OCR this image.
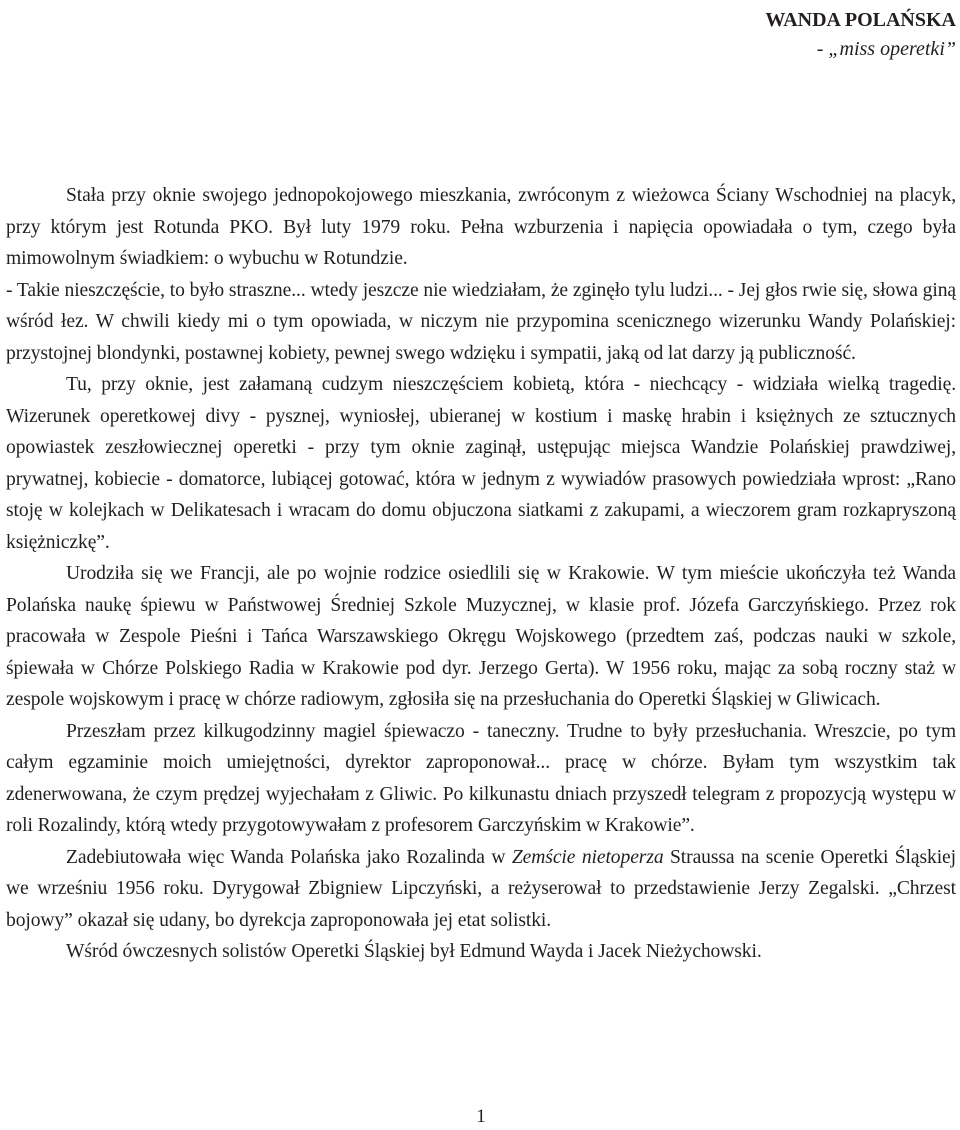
WANDA POLAŃSKA
- „miss operetki”

Stała przy oknie swojego jednopokojowego mieszkania, zwróconym z wieżowca Ściany Wschodniej na placyk, przy którym jest Rotunda PKO. Był luty 1979 roku. Pełna wzburzenia i napięcia opowiadała o tym, czego była mimowolnym świadkiem: o wybuchu w Rotundzie.

- Takie nieszczęście, to było straszne... wtedy jeszcze nie wiedziałam, że zginęło tylu ludzi... - Jej głos rwie się, słowa giną wśród łez. W chwili kiedy mi o tym opowiada, w niczym nie przypomina scenicznego wizerunku Wandy Polańskiej: przystojnej blondynki, postawnej kobiety, pewnej swego wdzięku i sympatii, jaką od lat darzy ją publiczność.

Tu, przy oknie, jest załamaną cudzym nieszczęściem kobietą, która - niechcący - widziała wielką tragedię. Wizerunek operetkowej divy - pysznej, wyniosłej, ubieranej w kostium i maskę hrabin i księżnych ze sztucznych opowiastek zeszłowiecznej operetki - przy tym oknie zaginął, ustępując miejsca Wandzie Polańskiej prawdziwej, prywatnej, kobiecie - domatorce, lubiącej gotować, która w jednym z wywiadów prasowych powiedziała wprost: „Rano stoję w kolejkach w Delikatesach i wracam do domu objuczona siatkami z zakupami, a wieczorem gram rozkapryszoną księżniczkę”.

Urodziła się we Francji, ale po wojnie rodzice osiedlili się w Krakowie. W tym mieście ukończyła też Wanda Polańska naukę śpiewu w Państwowej Średniej Szkole Muzycznej, w klasie prof. Józefa Garczyńskiego. Przez rok pracowała w Zespole Pieśni i Tańca Warszawskiego Okręgu Wojskowego (przedtem zaś, podczas nauki w szkole, śpiewała w Chórze Polskiego Radia w Krakowie pod dyr. Jerzego Gerta). W 1956 roku, mając za sobą roczny staż w zespole wojskowym i pracę w chórze radiowym, zgłosiła się na przesłuchania do Operetki Śląskiej w Gliwicach.

Przeszłam przez kilkugodzinny magiel śpiewaczo - taneczny. Trudne to były przesłuchania. Wreszcie, po tym całym egzaminie moich umiejętności, dyrektor zaproponował... pracę w chórze. Byłam tym wszystkim tak zdenerwowana, że czym prędzej wyjechałam z Gliwic. Po kilkunastu dniach przyszedł telegram z propozycją występu w roli Rozalindy, którą wtedy przygotowywałam z profesorem Garczyńskim w Krakowie”.

Zadebiutowała więc Wanda Polańska jako Rozalinda w Zemście nietoperza Straussa na scenie Operetki Śląskiej we wrześniu 1956 roku. Dyrygował Zbigniew Lipczyński, a reżyserował to przedstawienie Jerzy Zegalski. „Chrzest bojowy” okazał się udany, bo dyrekcja zaproponowała jej etat solistki.

Wśród ówczesnych solistów Operetki Śląskiej był Edmund Wayda i Jacek Nieżychowski.

1
